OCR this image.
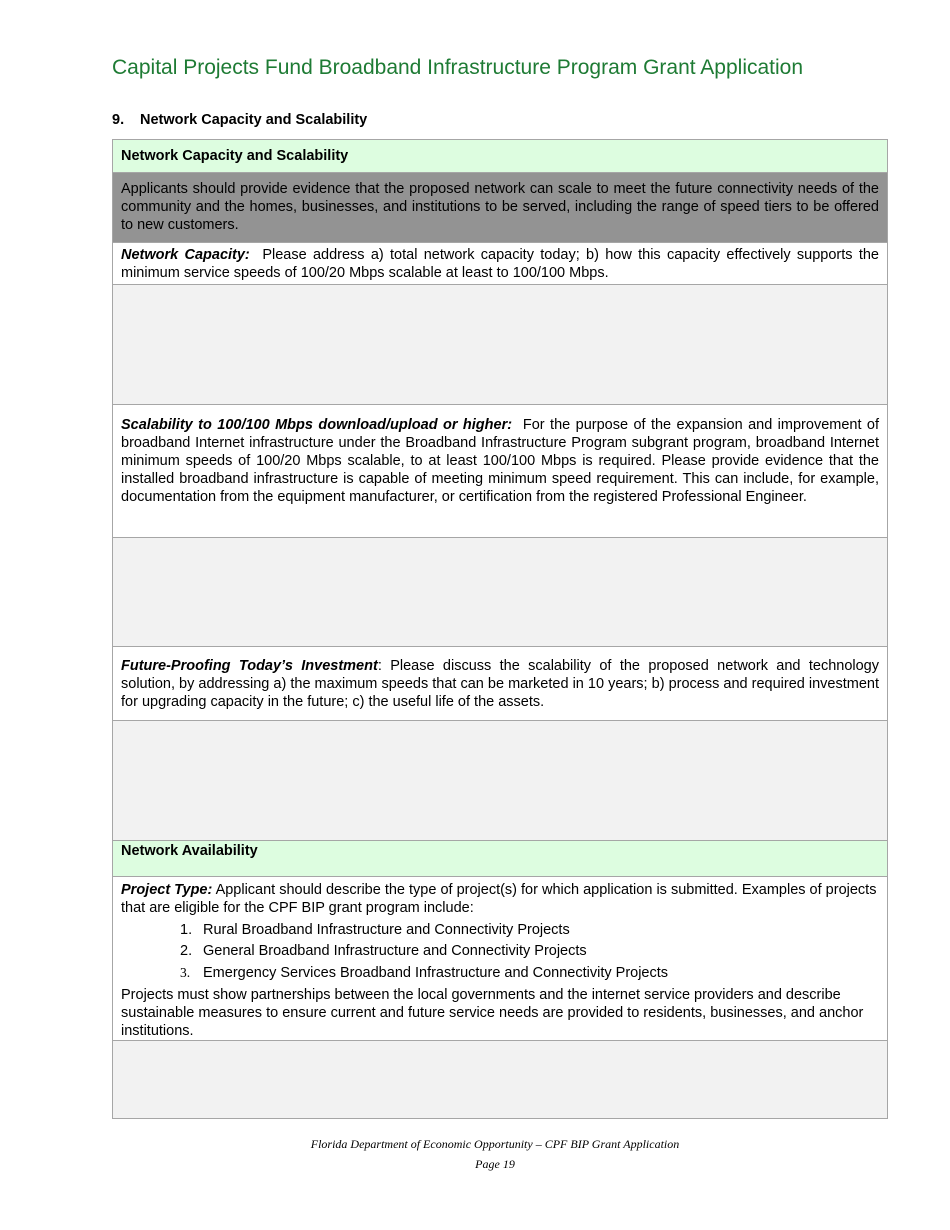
Capital Projects Fund Broadband Infrastructure Program Grant Application
9. Network Capacity and Scalability
Network Capacity and Scalability
Applicants should provide evidence that the proposed network can scale to meet the future connectivity needs of the community and the homes, businesses, and institutions to be served, including the range of speed tiers to be offered to new customers.
Network Capacity: Please address a) total network capacity today; b) how this capacity effectively supports the minimum service speeds of 100/20 Mbps scalable at least to 100/100 Mbps.

Scalability to 100/100 Mbps download/upload or higher: For the purpose of the expansion and improvement of broadband Internet infrastructure under the Broadband Infrastructure Program subgrant program, broadband Internet minimum speeds of 100/20 Mbps scalable, to at least 100/100 Mbps is required. Please provide evidence that the installed broadband infrastructure is capable of meeting minimum speed requirement. This can include, for example, documentation from the equipment manufacturer, or certification from the registered Professional Engineer.

Future-Proofing Today’s Investment: Please discuss the scalability of the proposed network and technology solution, by addressing a) the maximum speeds that can be marketed in 10 years; b) process and required investment for upgrading capacity in the future; c) the useful life of the assets.

Network Availability

Project Type: Applicant should describe the type of project(s) for which application is submitted. Examples of projects that are eligible for the CPF BIP grant program include:
1. Rural Broadband Infrastructure and Connectivity Projects
2. General Broadband Infrastructure and Connectivity Projects
3. Emergency Services Broadband Infrastructure and Connectivity Projects
Projects must show partnerships between the local governments and the internet service providers and describe sustainable measures to ensure current and future service needs are provided to residents, businesses, and anchor institutions.

Florida Department of Economic Opportunity – CPF BIP Grant Application
Page 19
